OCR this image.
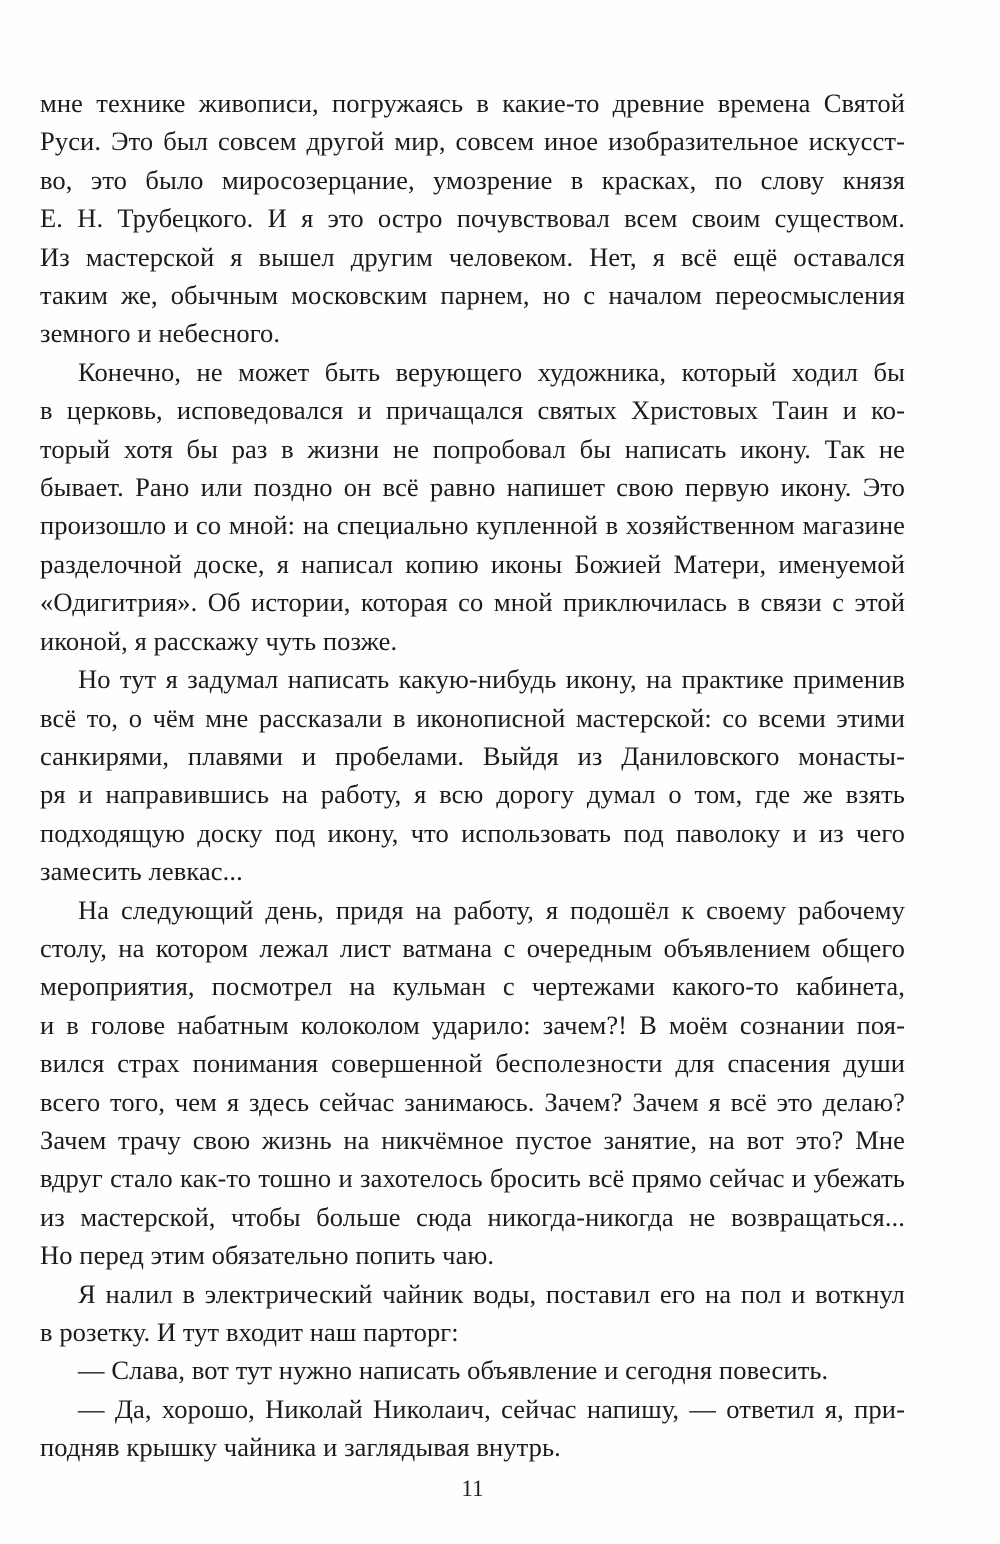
мне технике живописи, погружаясь в какие-то древние времена Святой
Руси. Это был совсем другой мир, совсем иное изобразительное искусст-
во, это было миросозерцание, умозрение в красках, по слову князя
Е. Н. Трубецкого. И я это остро почувствовал всем своим существом.
Из мастерской я вышел другим человеком. Нет, я всё ещё оставался
таким же, обычным московским парнем, но с началом переосмысления
земного и небесного.
Конечно, не может быть верующего художника, который ходил бы
в церковь, исповедовался и причащался святых Христовых Таин и ко-
торый хотя бы раз в жизни не попробовал бы написать икону. Так не
бывает. Рано или поздно он всё равно напишет свою первую икону. Это
произошло и со мной: на специально купленной в хозяйственном магазине
разделочной доске, я написал копию иконы Божией Матери, именуемой
«Одигитрия». Об истории, которая со мной приключилась в связи с этой
иконой, я расскажу чуть позже.
Но тут я задумал написать какую-нибудь икону, на практике применив
всё то, о чём мне рассказали в иконописной мастерской: со всеми этими
санкирями, плавями и пробелами. Выйдя из Даниловского монасты-
ря и направившись на работу, я всю дорогу думал о том, где же взять
подходящую доску под икону, что использовать под паволоку и из чего
замесить левкас...
На следующий день, придя на работу, я подошёл к своему рабочему
столу, на котором лежал лист ватмана с очередным объявлением общего
мероприятия, посмотрел на кульман с чертежами какого-то кабинета,
и в голове набатным колоколом ударило: зачем?! В моём сознании поя-
вился страх понимания совершенной бесполезности для спасения души
всего того, чем я здесь сейчас занимаюсь. Зачем? Зачем я всё это делаю?
Зачем трачу свою жизнь на никчёмное пустое занятие, на вот это? Мне
вдруг стало как-то тошно и захотелось бросить всё прямо сейчас и убежать
из мастерской, чтобы больше сюда никогда-никогда не возвращаться...
Но перед этим обязательно попить чаю.
Я налил в электрический чайник воды, поставил его на пол и воткнул
в розетку. И тут входит наш парторг:
— Слава, вот тут нужно написать объявление и сегодня повесить.
— Да, хорошо, Николай Николаич, сейчас напишу, — ответил я, при-
подняв крышку чайника и заглядывая внутрь.
11
